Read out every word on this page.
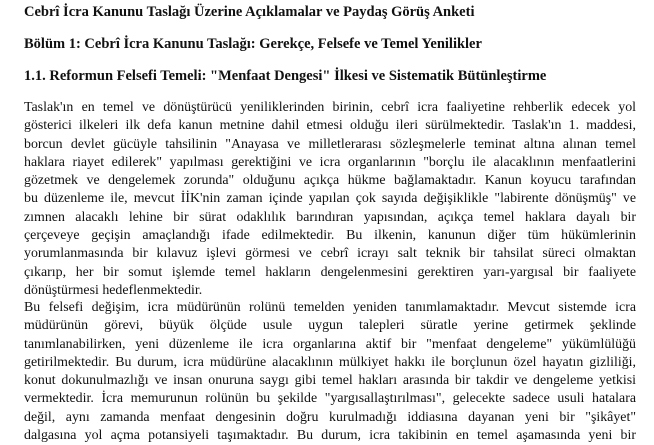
Cebrî İcra Kanunu Taslağı Üzerine Açıklamalar ve Paydaş Görüş Anketi
Bölüm 1: Cebrî İcra Kanunu Taslağı: Gerekçe, Felsefe ve Temel Yenilikler
1.1. Reformun Felsefi Temeli: "Menfaat Dengesi" İlkesi ve Sistematik Bütünleştirme
Taslak'ın en temel ve dönüştürücü yeniliklerinden birinin, cebrî icra faaliyetine rehberlik edecek yol
gösterici ilkeleri ilk defa kanun metnine dahil etmesi olduğu ileri sürülmektedir. Taslak'ın 1. maddesi,
borcun devlet gücüyle tahsilinin "Anayasa ve milletlerarası sözleşmelerle teminat altına alınan temel
haklara riayet edilerek" yapılması gerektiğini ve icra organlarının "borçlu ile alacaklının menfaatlerini
gözetmek ve dengelemek zorunda" olduğunu açıkça hükme bağlamaktadır. Kanun koyucu tarafından
bu düzenleme ile, mevcut İİK'nin zaman içinde yapılan çok sayıda değişiklikle "labirente dönüşmüş" ve
zımnen alacaklı lehine bir sürat odaklılık barındıran yapısından, açıkça temel haklara dayalı bir
çerçeveye geçişin amaçlandığı ifade edilmektedir. Bu ilkenin, kanunun diğer tüm hükümlerinin
yorumlanmasında bir kılavuz işlevi görmesi ve cebrî icrayı salt teknik bir tahsilat süreci olmaktan
çıkarıp, her bir somut işlemde temel hakların dengelenmesini gerektiren yarı-yargısal bir faaliyete
dönüştürmesi hedeflenmektedir.
Bu felsefi değişim, icra müdürünün rolünü temelden yeniden tanımlamaktadır. Mevcut sistemde icra
müdürünün görevi, büyük ölçüde usule uygun talepleri süratle yerine getirmek şeklinde
tanımlanabilirken, yeni düzenleme ile icra organlarına aktif bir "menfaat dengeleme" yükümlülüğü
getirilmektedir. Bu durum, icra müdürüne alacaklının mülkiyet hakkı ile borçlunun özel hayatın gizliliği,
konut dokunulmazlığı ve insan onuruna saygı gibi temel hakları arasında bir takdir ve dengeleme yetkisi
vermektedir. İcra memurunun rolünün bu şekilde "yargısallaştırılması", gelecekte sadece usuli hatalara
değil, aynı zamanda menfaat dengesinin doğru kurulmadığı iddiasına dayanan yeni bir "şikâyet"
dalgasına yol açma potansiyeli taşımaktadır. Bu durum, icra takibinin en temel aşamasında yeni bir
